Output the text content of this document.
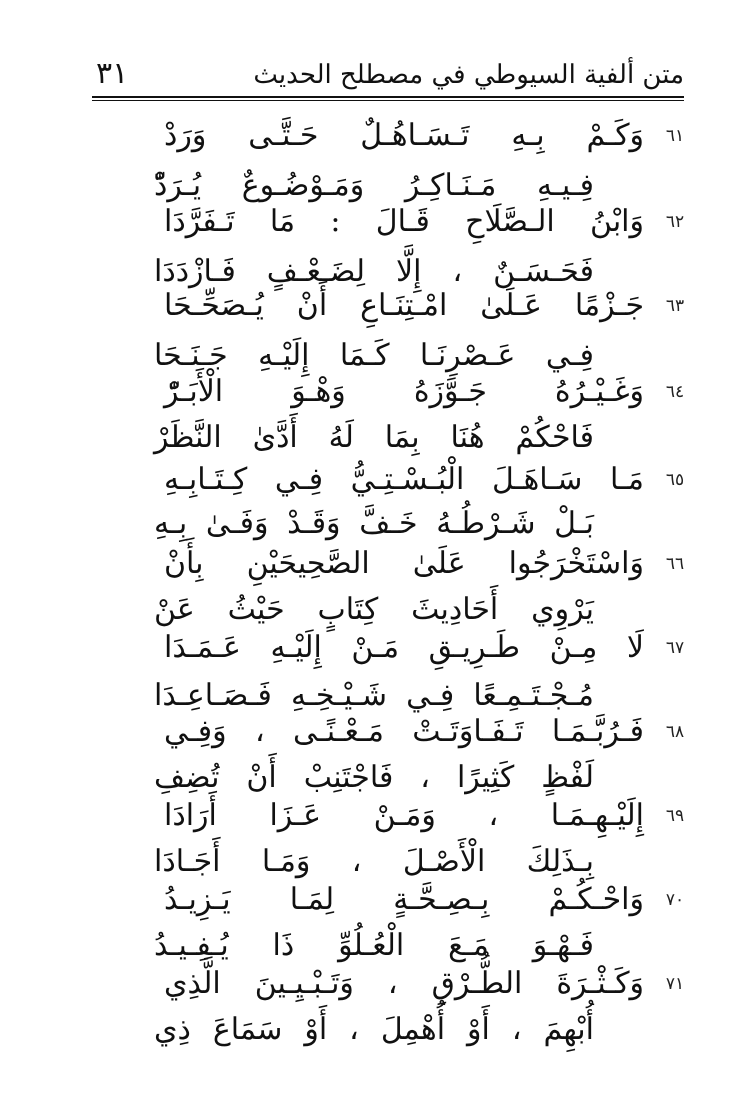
٣١	متن ألفية السيوطي في مصطلح الحديث
٦١
وَكَـمْ بِـهِ تَـسَـاهُـلٌ حَـتَّـى وَرَدْ
فِـيـهِ مَـنَـاكِـرُ وَمَـوْضُـوعٌ يُـرَدّْ
٦٢
وَابْنُ الـصَّلَاحِ قَـالَ : مَا تَـفَرَّدَا
فَحَـسَـنٌ ، إِلَّا لِضَـعْـفٍ فَـازْدَدَا
٦٣
جَـزْمًا عَـلَىٰ امْـتِنَـاعِ أَنْ يُـصَحِّـحَا
فِـي عَـصْرِنَـا كَـمَا إِلَيْـهِ جَـنَـحَا
٦٤
وَغَـيْـرُهُ جَـوَّزَهُ وَهْـوَ الْأَبَـرّْ
فَاحْكُمْ هُنَا بِمَا لَهُ أَدَّىٰ النَّظَرْ
٦٥
مَـا سَـاهَـلَ الْبُـسْـتِـيُّ فِـي كِـتَـابِـهِ
بَـلْ شَـرْطُـهُ خَـفَّ وَقَـدْ وَفَـىٰ بِـهِ
٦٦
وَاسْتَخْرَجُوا عَلَىٰ الصَّحِيحَيْنِ بِأَنْ
يَرْوِي أَحَادِيثَ كِتَابٍ حَيْثُ عَنْ
٦٧
لَا مِـنْ طَـرِيـقِ مَـنْ إِلَيْـهِ عَـمَـدَا
مُـجْـتَـمِـعًا فِـي شَـيْـخِـهِ فَـصَـاعِـدَا
٦٨
فَـرُبَّـمَـا تَـفَـاوَتَـتْ مَـعْـنًـى ، وَفِـي
لَفْظٍ كَثِيرًا ، فَاجْتَنِبْ أَنْ تُضِفِ
٦٩
إِلَيْـهِـمَـا ، وَمَـنْ عَـزَا أَرَادَا
بِـذَلِكَ الْأَصْـلَ ، وَمَـا أَجَـادَا
٧٠
وَاحْـكُـمْ بِـصِـحَّـةٍ لِمَـا يَـزِيـدُ
فَـهْـوَ مَـعَ الْعُـلُوِّ ذَا يُـفِـيـدُ
٧١
وَكَـثْـرَةَ الطُّـرْقِ ، وَتَـبْـيِـينَ الَّذِي
أُبْهِمَ ، أَوْ أُهْمِلَ ، أَوْ سَمَاعَ ذِي
